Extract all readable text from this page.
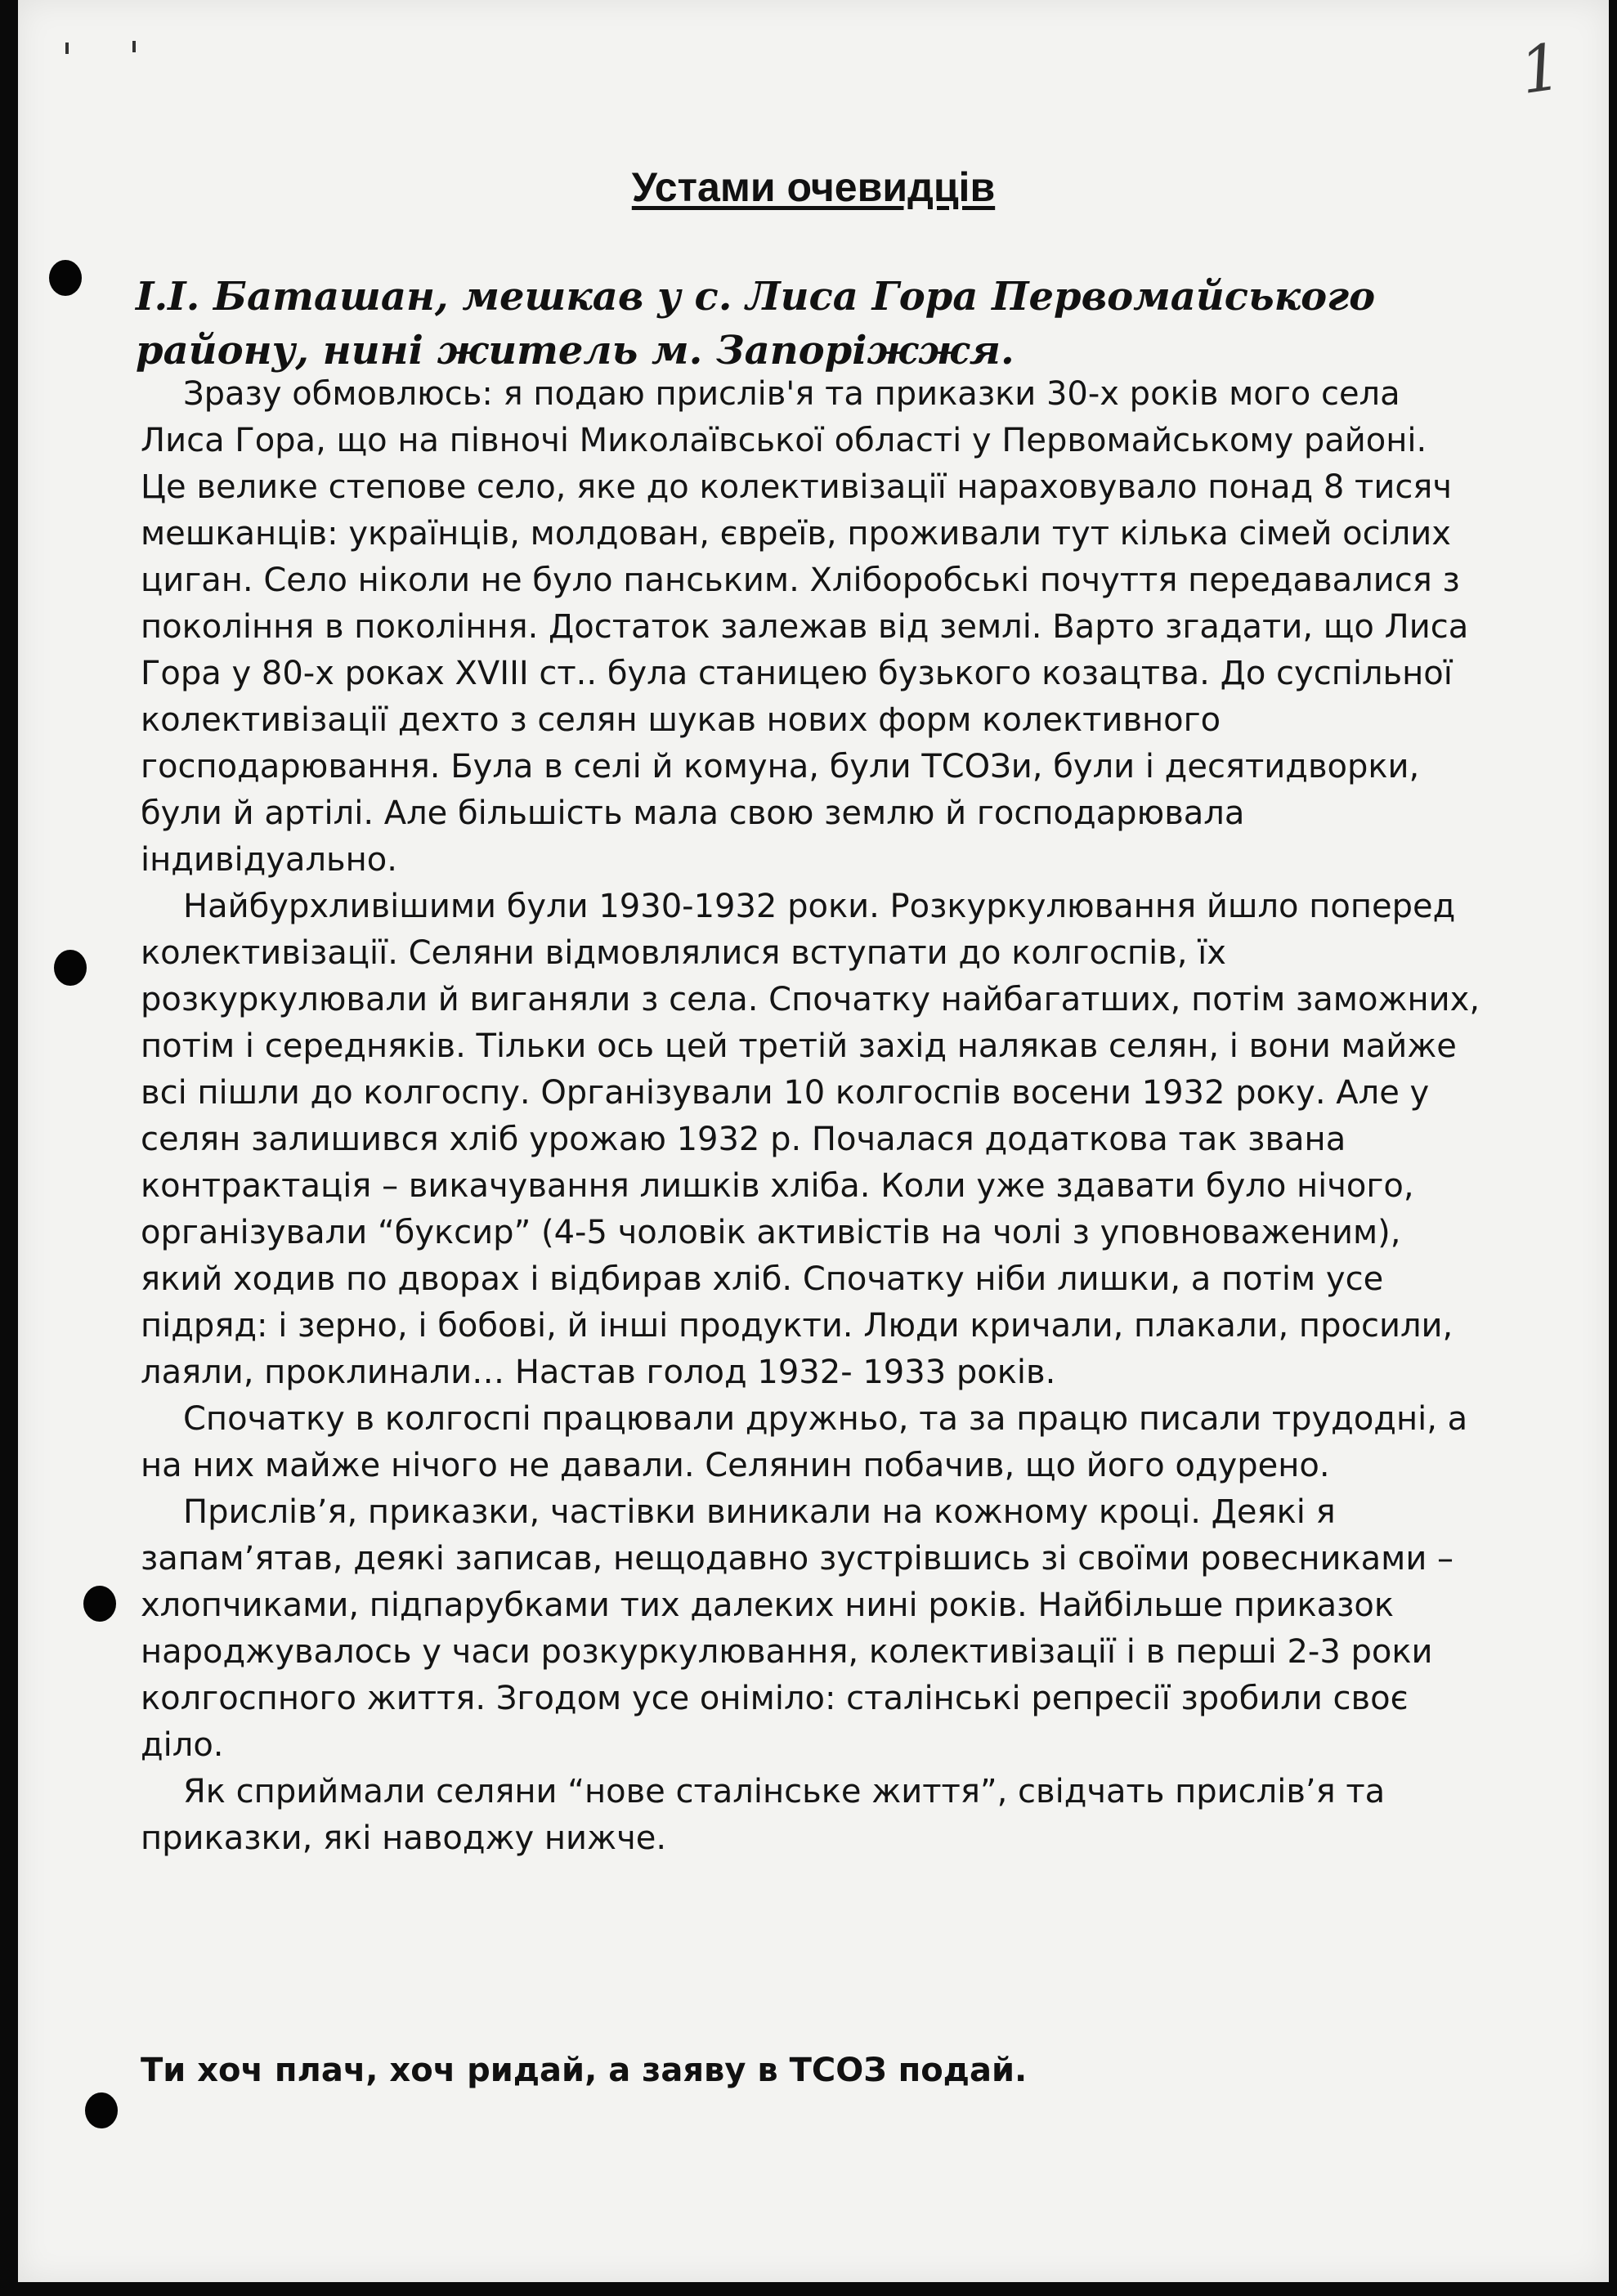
1
Устами очевидців

І.І. Баташан, мешкав у с. Лиса Гора Первомайського району, нині житель м. Запоріжжя.

Зразу обмовлюсь: я подаю прислів'я та приказки 30-х років мого села Лиса Гора, що на півночі Миколаївської області у Первомайському районі. Це велике степове село, яке до колективізації нараховувало понад 8 тисяч мешканців: українців, молдован, євреїв, проживали тут кілька сімей осілих циган. Село ніколи не було панським. Хліборобські почуття передавалися з покоління в покоління. Достаток залежав від землі. Варто згадати, що Лиса Гора у 80-х роках XVIII ст.. була станицею бузького козацтва. До суспільної колективізації дехто з селян шукав нових форм колективного господарювання. Була в селі й комуна, були ТСОЗи, були і десятидворки, були й артілі. Але більшість мала свою землю й господарювала індивідуально.

Найбурхливішими були 1930-1932 роки. Розкуркулювання йшло поперед колективізації. Селяни відмовлялися вступати до колгоспів, їх розкуркулювали й виганяли з села. Спочатку найбагатших, потім заможних, потім і середняків. Тільки ось цей третій захід налякав селян, і вони майже всі пішли до колгоспу. Організували 10 колгоспів восени 1932 року. Але у селян залишився хліб урожаю 1932 р. Почалася додаткова так звана контрактація – викачування лишків хліба. Коли уже здавати було нічого, організували “буксир” (4-5 чоловік активістів на чолі з уповноваженим), який ходив по дворах і відбирав хліб. Спочатку ніби лишки, а потім усе підряд: і зерно, і бобові, й інші продукти. Люди кричали, плакали, просили, лаяли, проклинали… Настав голод 1932- 1933 років.

Спочатку в колгоспі працювали дружньо, та за працю писали трудодні, а на них майже нічого не давали. Селянин побачив, що його одурено.

Прислів’я, приказки, частівки виникали на кожному кроці. Деякі я запам’ятав, деякі записав, нещодавно зустрівшись зі своїми ровесниками – хлопчиками, підпарубками тих далеких нині років. Найбільше приказок народжувалось у часи розкуркулювання, колективізації і в перші 2-3 роки колгоспного життя. Згодом усе оніміло: сталінські репресії зробили своє діло.

Як сприймали селяни “нове сталінське життя”, свідчать прислів’я та приказки, які наводжу нижче.

Ти хоч плач, хоч ридай, а заяву в ТСОЗ подай.
